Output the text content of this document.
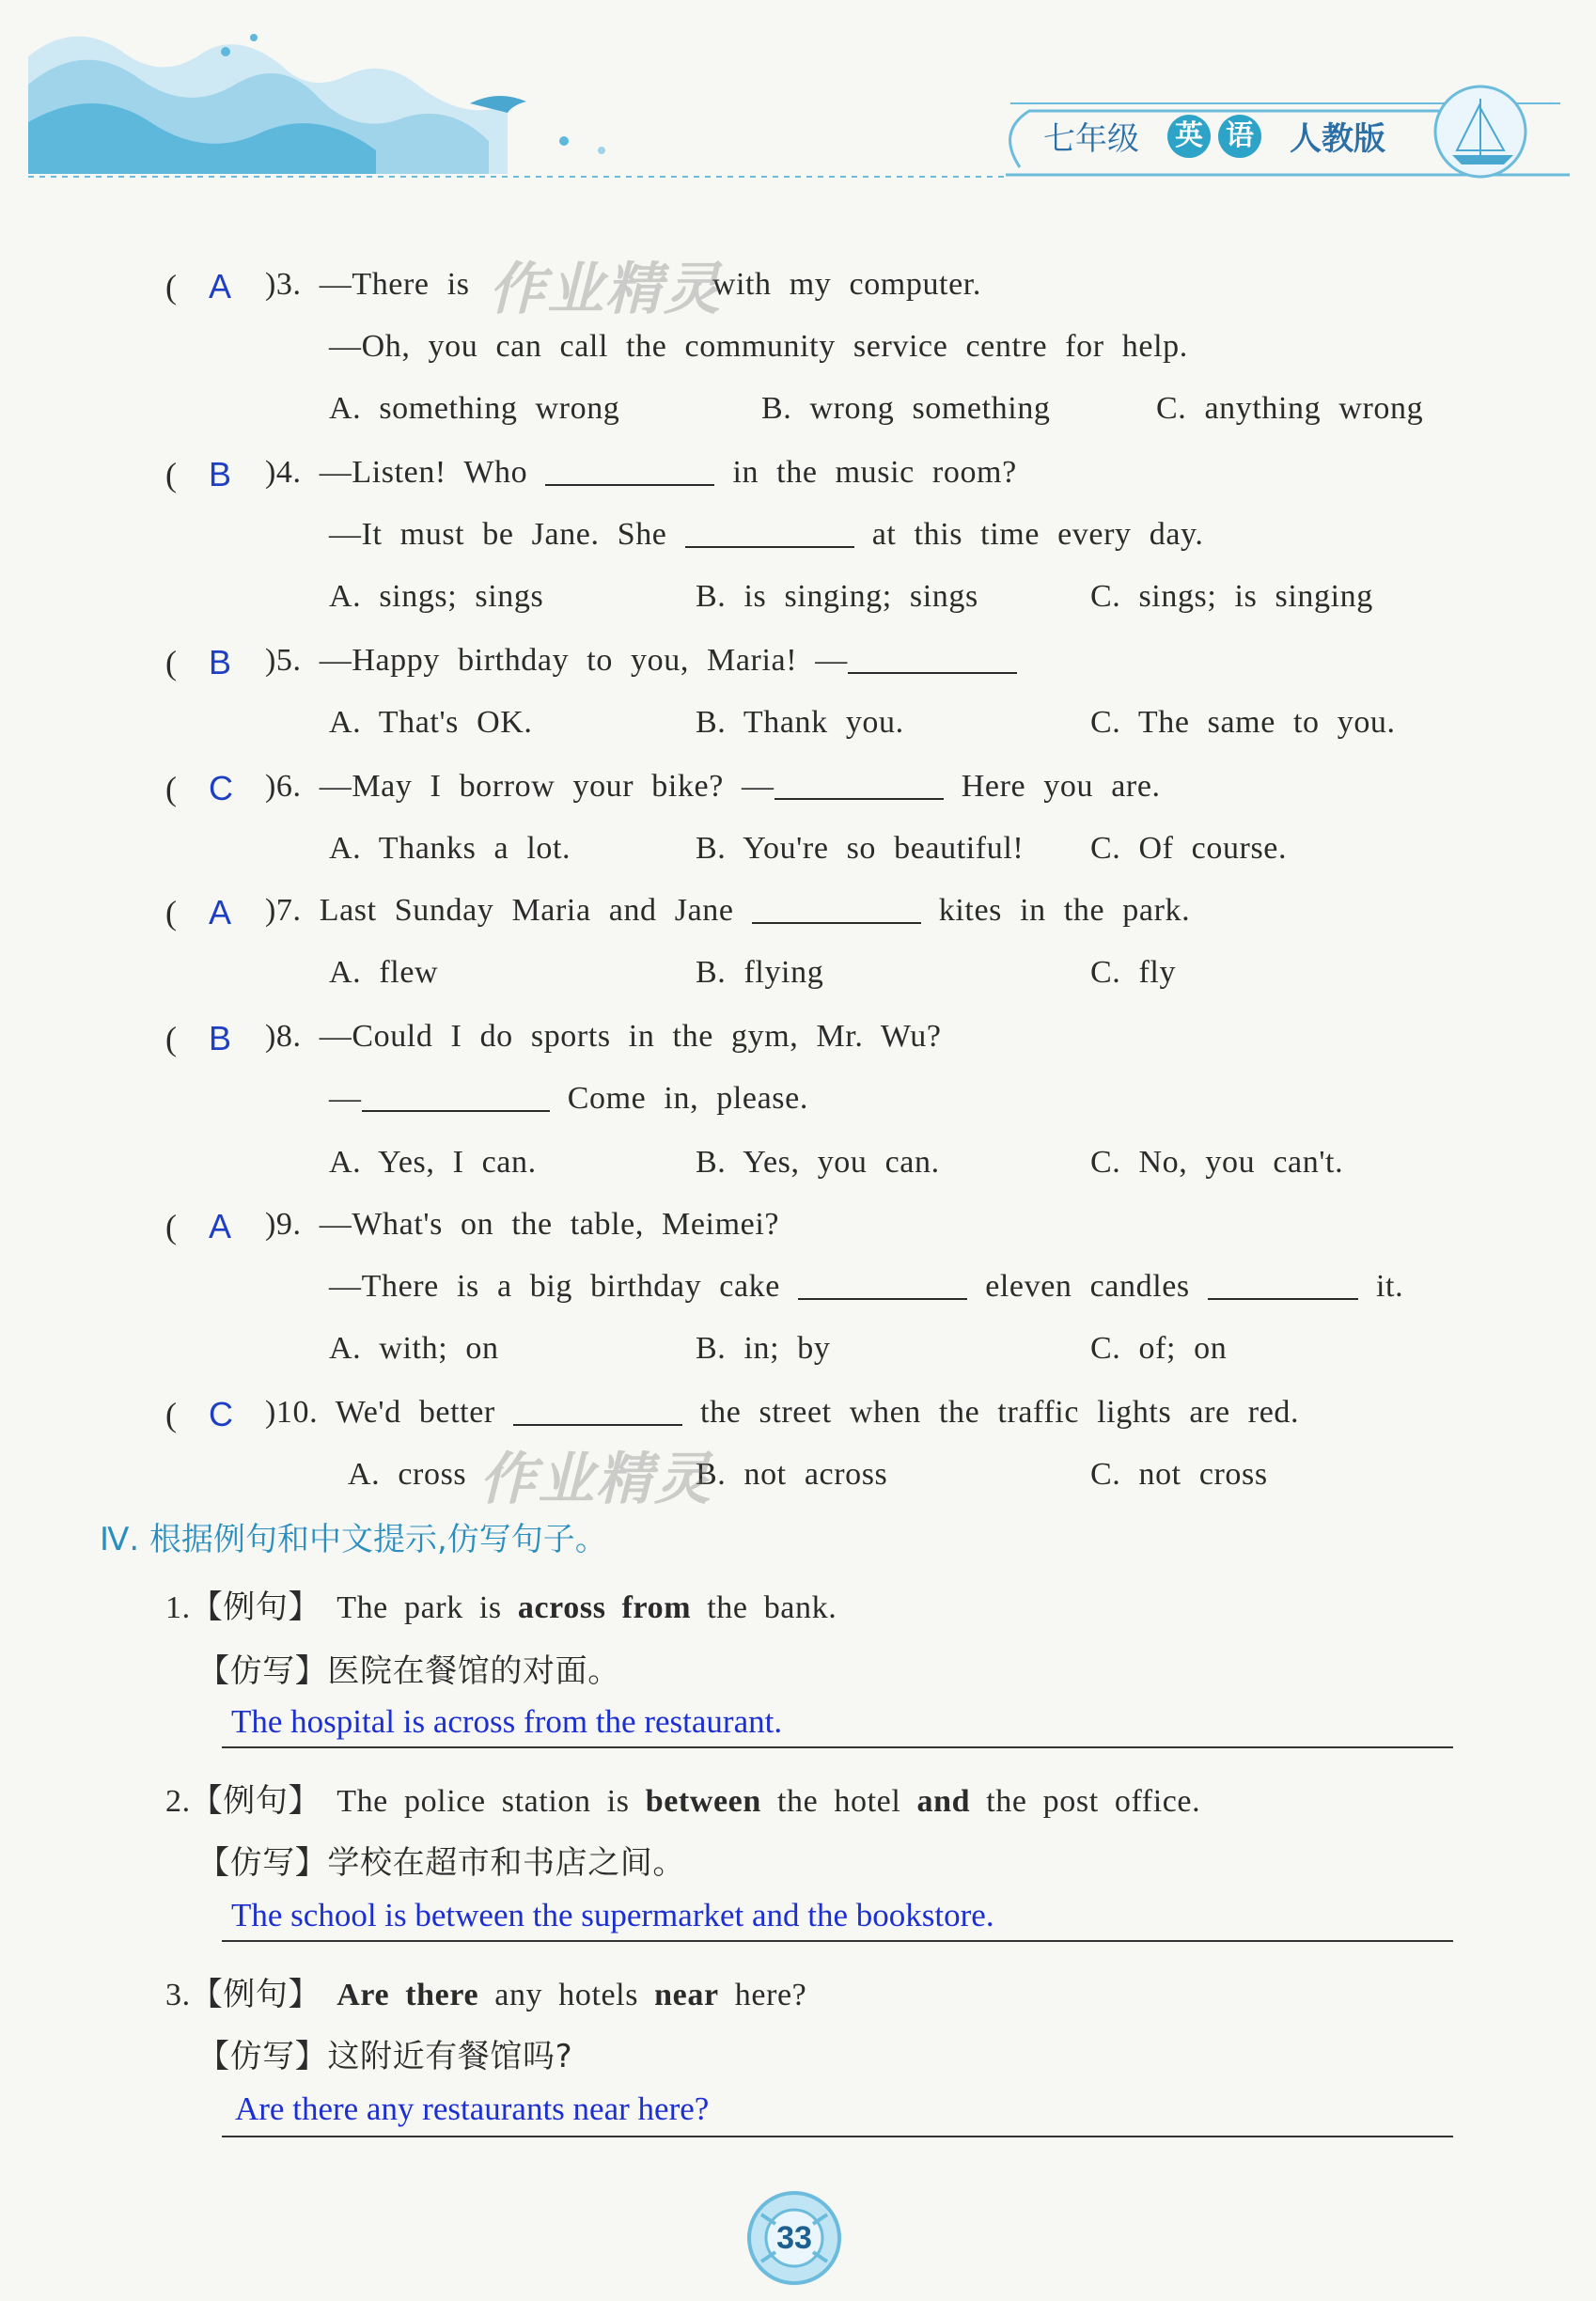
七年级 英 语 人教版
( A )3. —There is	with my computer.
—Oh, you can call the community service centre for help.
A. something wrong	B. wrong something	C. anything wrong
( B )4. —Listen! Who	in the music room?
—It must be Jane. She	at this time every day.
A. sings; sings	B. is singing; sings	C. sings; is singing
( B )5. —Happy birthday to you, Maria! —
A. That's OK.	B. Thank you.	C. The same to you.
( C )6. —May I borrow your bike? —	Here you are.
A. Thanks a lot.	B. You're so beautiful! C. Of course.
( A )7. Last Sunday Maria and Jane	kites in the park.
A. flew	B. flying	C. fly
( B )8. —Could I do sports in the gym, Mr. Wu?
—	Come in, please.
A. Yes, I can.	B. Yes, you can.	C. No, you can't.
( A )9. —What's on the table, Meimei?
—There is a big birthday cake	eleven candles	it.
A. with; on	B. in; by	C. of; on
( C )10. We'd better	the street when the traffic lights are red.
A. cross	B. not across	C. not cross
作业精灵
作业精灵
Ⅳ. 根据例句和中文提示,仿写句子。
1.【例句】 The park is across from the bank.
【仿写】医院在餐馆的对面。
The hospital is across from the restaurant.
2.【例句】 The police station is between the hotel and the post office.
【仿写】学校在超市和书店之间。
The school is between the supermarket and the bookstore.
3.【例句】 Are there any hotels near here?
【仿写】这附近有餐馆吗?
Are there any restaurants near here?
33
